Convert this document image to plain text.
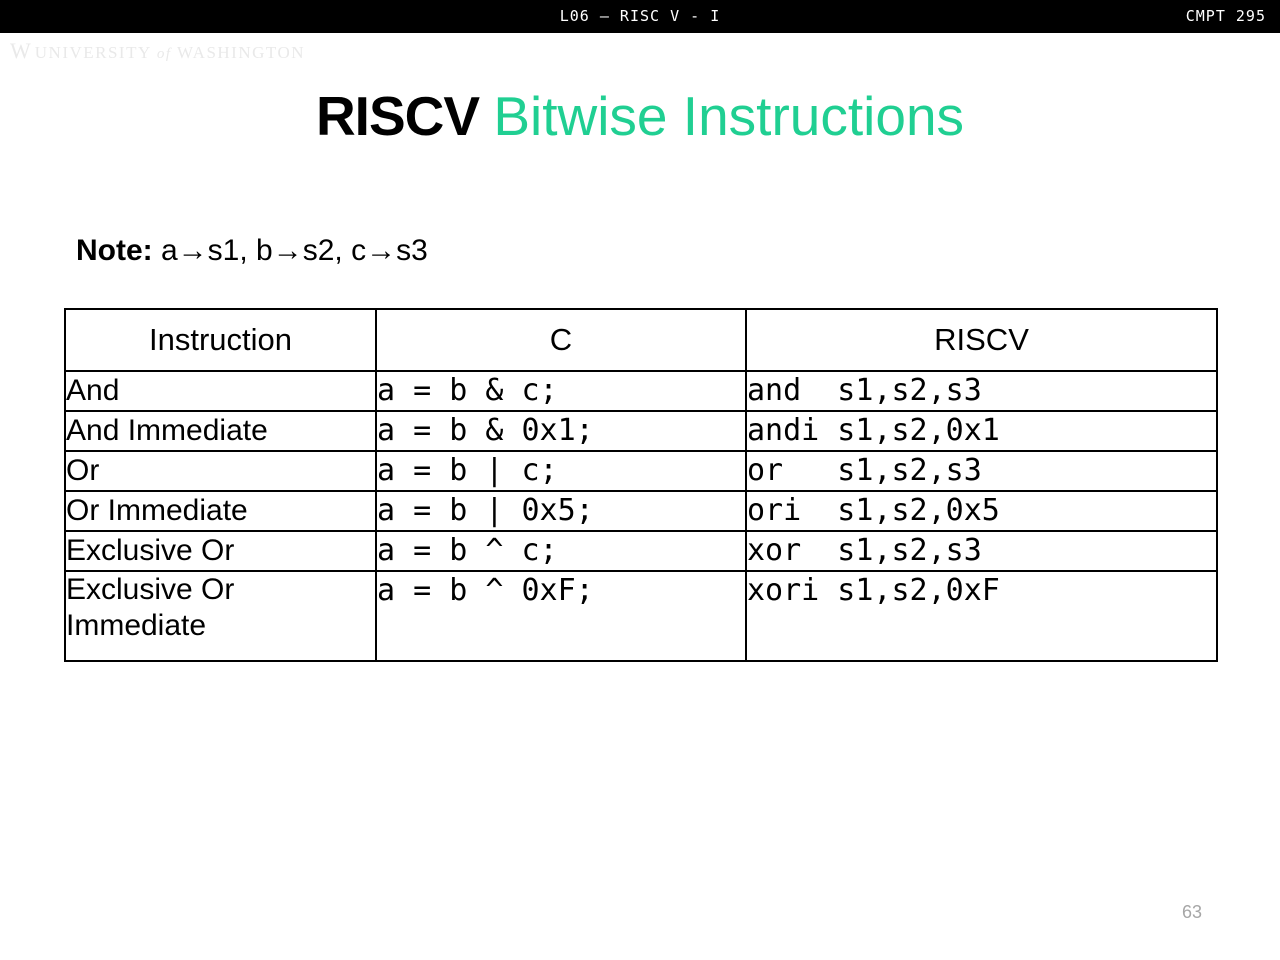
L06 – RISC V - I	CMPT 295
W UNIVERSITY of WASHINGTON
RISCV Bitwise Instructions
Note: a→s1, b→s2, c→s3
Instruction	C	RISCV
And	a = b & c;	and  s1,s2,s3
And Immediate	a = b & 0x1;	andi s1,s2,0x1
Or	a = b | c;	or   s1,s2,s3
Or Immediate	a = b | 0x5;	ori  s1,s2,0x5
Exclusive Or	a = b ^ c;	xor  s1,s2,s3
Exclusive Or Immediate	a = b ^ 0xF;	xori s1,s2,0xF
63
